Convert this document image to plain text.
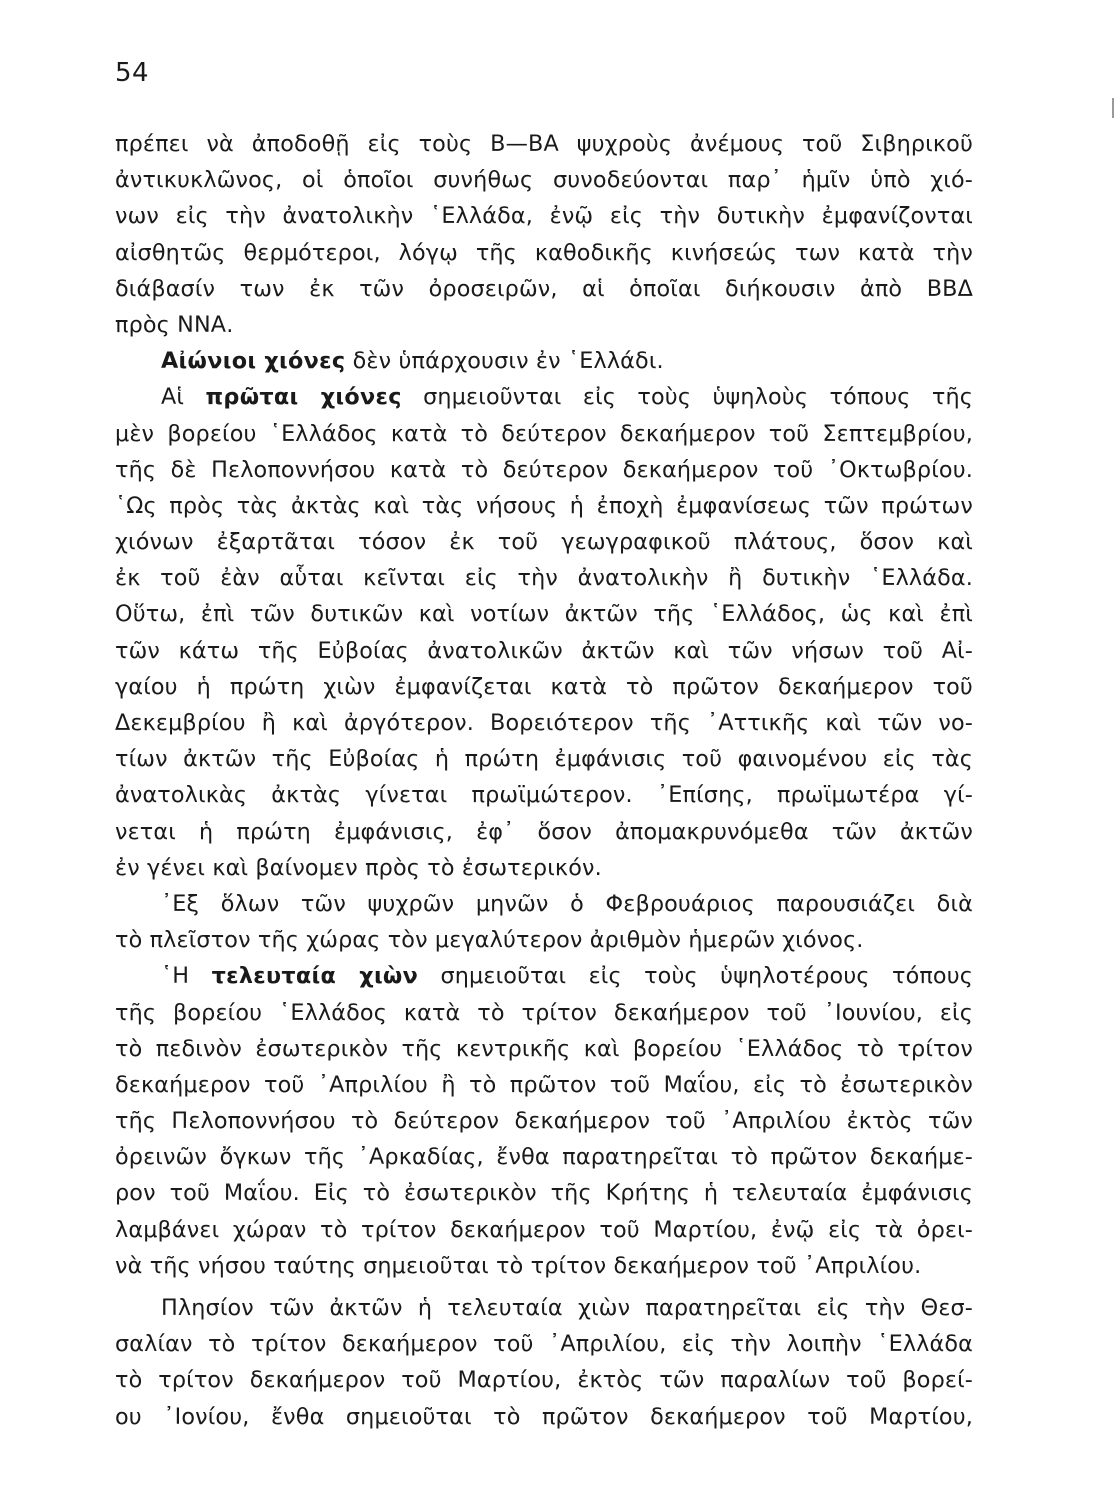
54
πρέπει νὰ ἀποδοθῇ εἰς τοὺς Β—ΒΑ ψυχροὺς ἀνέμους τοῦ Σιβηρικοῦ
ἀντικυκλῶνος, οἱ ὁποῖοι συνήθως συνοδεύονται παρ᾽ ἡμῖν ὑπὸ χιό-
νων εἰς τὴν ἀνατολικὴν ῾Ελλάδα, ἐνῷ εἰς τὴν δυτικὴν ἐμφανίζονται
αἰσθητῶς θερμότεροι, λόγῳ τῆς καθοδικῆς κινήσεώς των κατὰ τὴν
διάβασίν των ἐκ τῶν ὀροσειρῶν, αἱ ὁποῖαι διήκουσιν ἀπὸ ΒΒΔ
πρὸς ΝΝΑ.
Αἰώνιοι χιόνες δὲν ὑπάρχουσιν ἐν ῾Ελλάδι.
Αἱ πρῶται χιόνες σημειοῦνται εἰς τοὺς ὑψηλοὺς τόπους τῆς
μὲν βορείου ῾Ελλάδος κατὰ τὸ δεύτερον δεκαήμερον τοῦ Σεπτεμβρίου,
τῆς δὲ Πελοποννήσου κατὰ τὸ δεύτερον δεκαήμερον τοῦ ᾿Οκτωβρίου.
῾Ως πρὸς τὰς ἀκτὰς καὶ τὰς νήσους ἡ ἐποχὴ ἐμφανίσεως τῶν πρώτων
χιόνων ἐξαρτᾶται τόσον ἐκ τοῦ γεωγραφικοῦ πλάτους, ὅσον καὶ
ἐκ τοῦ ἐὰν αὗται κεῖνται εἰς τὴν ἀνατολικὴν ἢ δυτικὴν ῾Ελλάδα.
Οὕτω, ἐπὶ τῶν δυτικῶν καὶ νοτίων ἀκτῶν τῆς ῾Ελλάδος, ὡς καὶ ἐπὶ
τῶν κάτω τῆς Εὐβοίας ἀνατολικῶν ἀκτῶν καὶ τῶν νήσων τοῦ Αἰ-
γαίου ἡ πρώτη χιὼν ἐμφανίζεται κατὰ τὸ πρῶτον δεκαήμερον τοῦ
Δεκεμβρίου ἢ καὶ ἀργότερον. Βορειότερον τῆς ᾿Αττικῆς καὶ τῶν νο-
τίων ἀκτῶν τῆς Εὐβοίας ἡ πρώτη ἐμφάνισις τοῦ φαινομένου εἰς τὰς
ἀνατολικὰς ἀκτὰς γίνεται πρωϊμώτερον. ᾿Επίσης, πρωϊμωτέρα γί-
νεται ἡ πρώτη ἐμφάνισις, ἐφ᾽ ὅσον ἀπομακρυνόμεθα τῶν ἀκτῶν
ἐν γένει καὶ βαίνομεν πρὸς τὸ ἐσωτερικόν.
᾿Εξ ὅλων τῶν ψυχρῶν μηνῶν ὁ Φεβρουάριος παρουσιάζει διὰ
τὸ πλεῖστον τῆς χώρας τὸν μεγαλύτερον ἀριθμὸν ἡμερῶν χιόνος.
῾Η τελευταία χιὼν σημειοῦται εἰς τοὺς ὑψηλοτέρους τόπους
τῆς βορείου ῾Ελλάδος κατὰ τὸ τρίτον δεκαήμερον τοῦ ᾿Ιουνίου, εἰς
τὸ πεδινὸν ἐσωτερικὸν τῆς κεντρικῆς καὶ βορείου ῾Ελλάδος τὸ τρίτον
δεκαήμερον τοῦ ᾿Απριλίου ἢ τὸ πρῶτον τοῦ Μαΐου, εἰς τὸ ἐσωτερικὸν
τῆς Πελοποννήσου τὸ δεύτερον δεκαήμερον τοῦ ᾿Απριλίου ἐκτὸς τῶν
ὀρεινῶν ὄγκων τῆς ᾿Αρκαδίας, ἔνθα παρατηρεῖται τὸ πρῶτον δεκαήμε-
ρον τοῦ Μαΐου. Εἰς τὸ ἐσωτερικὸν τῆς Κρήτης ἡ τελευταία ἐμφάνισις
λαμβάνει χώραν τὸ τρίτον δεκαήμερον τοῦ Μαρτίου, ἐνῷ εἰς τὰ ὀρει-
νὰ τῆς νήσου ταύτης σημειοῦται τὸ τρίτον δεκαήμερον τοῦ ᾿Απριλίου.
Πλησίον τῶν ἀκτῶν ἡ τελευταία χιὼν παρατηρεῖται εἰς τὴν Θεσ-
σαλίαν τὸ τρίτον δεκαήμερον τοῦ ᾿Απριλίου, εἰς τὴν λοιπὴν ῾Ελλάδα
τὸ τρίτον δεκαήμερον τοῦ Μαρτίου, ἐκτὸς τῶν παραλίων τοῦ βορεί-
ου ᾿Ιονίου, ἔνθα σημειοῦται τὸ πρῶτον δεκαήμερον τοῦ Μαρτίου,
